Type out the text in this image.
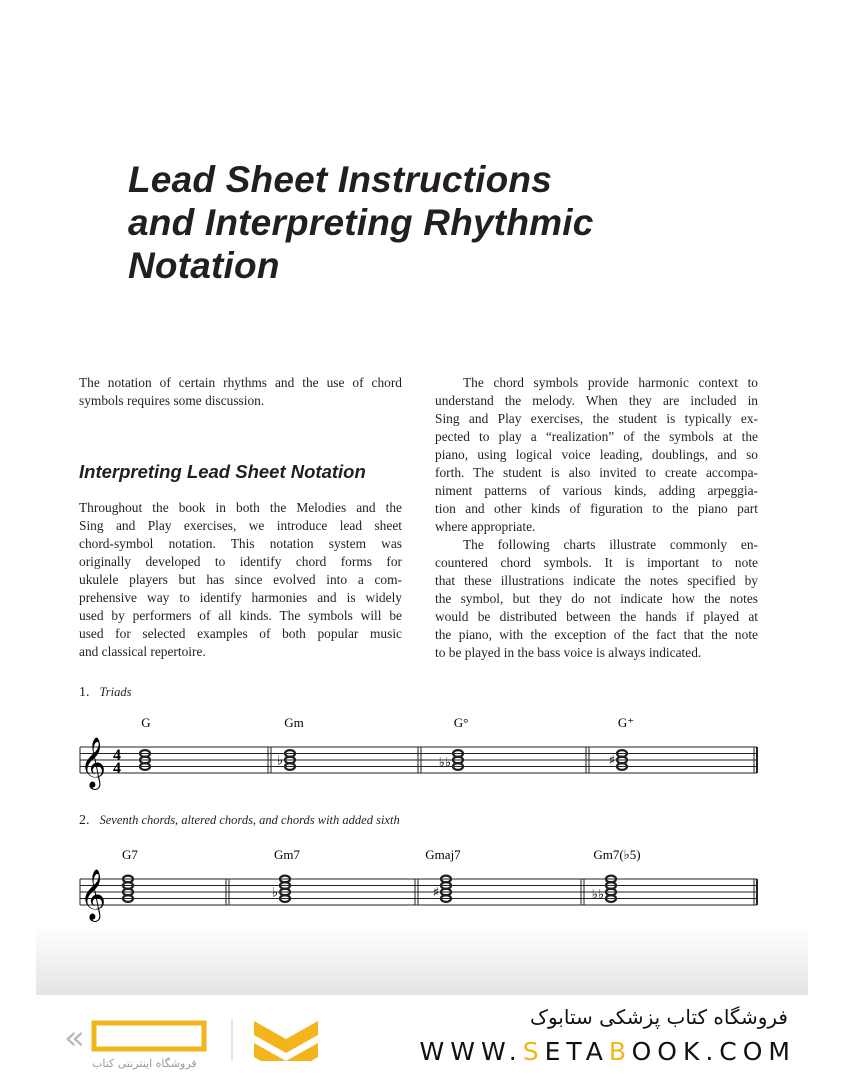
Lead Sheet Instructions
and Interpreting Rhythmic
Notation
The notation of certain rhythms and the use of chord
symbols requires some discussion.
Interpreting Lead Sheet Notation
Throughout the book in both the Melodies and the
Sing and Play exercises, we introduce lead sheet
chord-symbol notation. This notation system was
originally developed to identify chord forms for
ukulele players but has since evolved into a com-
prehensive way to identify harmonies and is widely
used by performers of all kinds. The symbols will be
used for selected examples of both popular music
and classical repertoire.
The chord symbols provide harmonic context to
understand the melody. When they are included in
Sing and Play exercises, the student is typically ex-
pected to play a “realization” of the symbols at the
piano, using logical voice leading, doublings, and so
forth. The student is also invited to create accompa-
niment patterns of various kinds, adding arpeggia-
tion and other kinds of figuration to the piano part
where appropriate.
The following charts illustrate commonly en-
countered chord symbols. It is important to note
that these illustrations indicate the notes specified by
the symbol, but they do not indicate how the notes
would be distributed between the hands if played at
the piano, with the exception of the fact that the note
to be played in the bass voice is always indicated.
1. Triads
2. Seventh chords, altered chords, and chords with added sixth
𝄞 4
4
G	Gm
♭
G°
♭♭
G⁺
♯
𝄞
G7	Gm7
♭
Gmaj7
♯
Gm7(♭5)
♭♭
«
فروشگاه اینترنتی کتاب
فروشگاه کتاب پزشکی ستابوک
WWW.SETABOOK.COM
